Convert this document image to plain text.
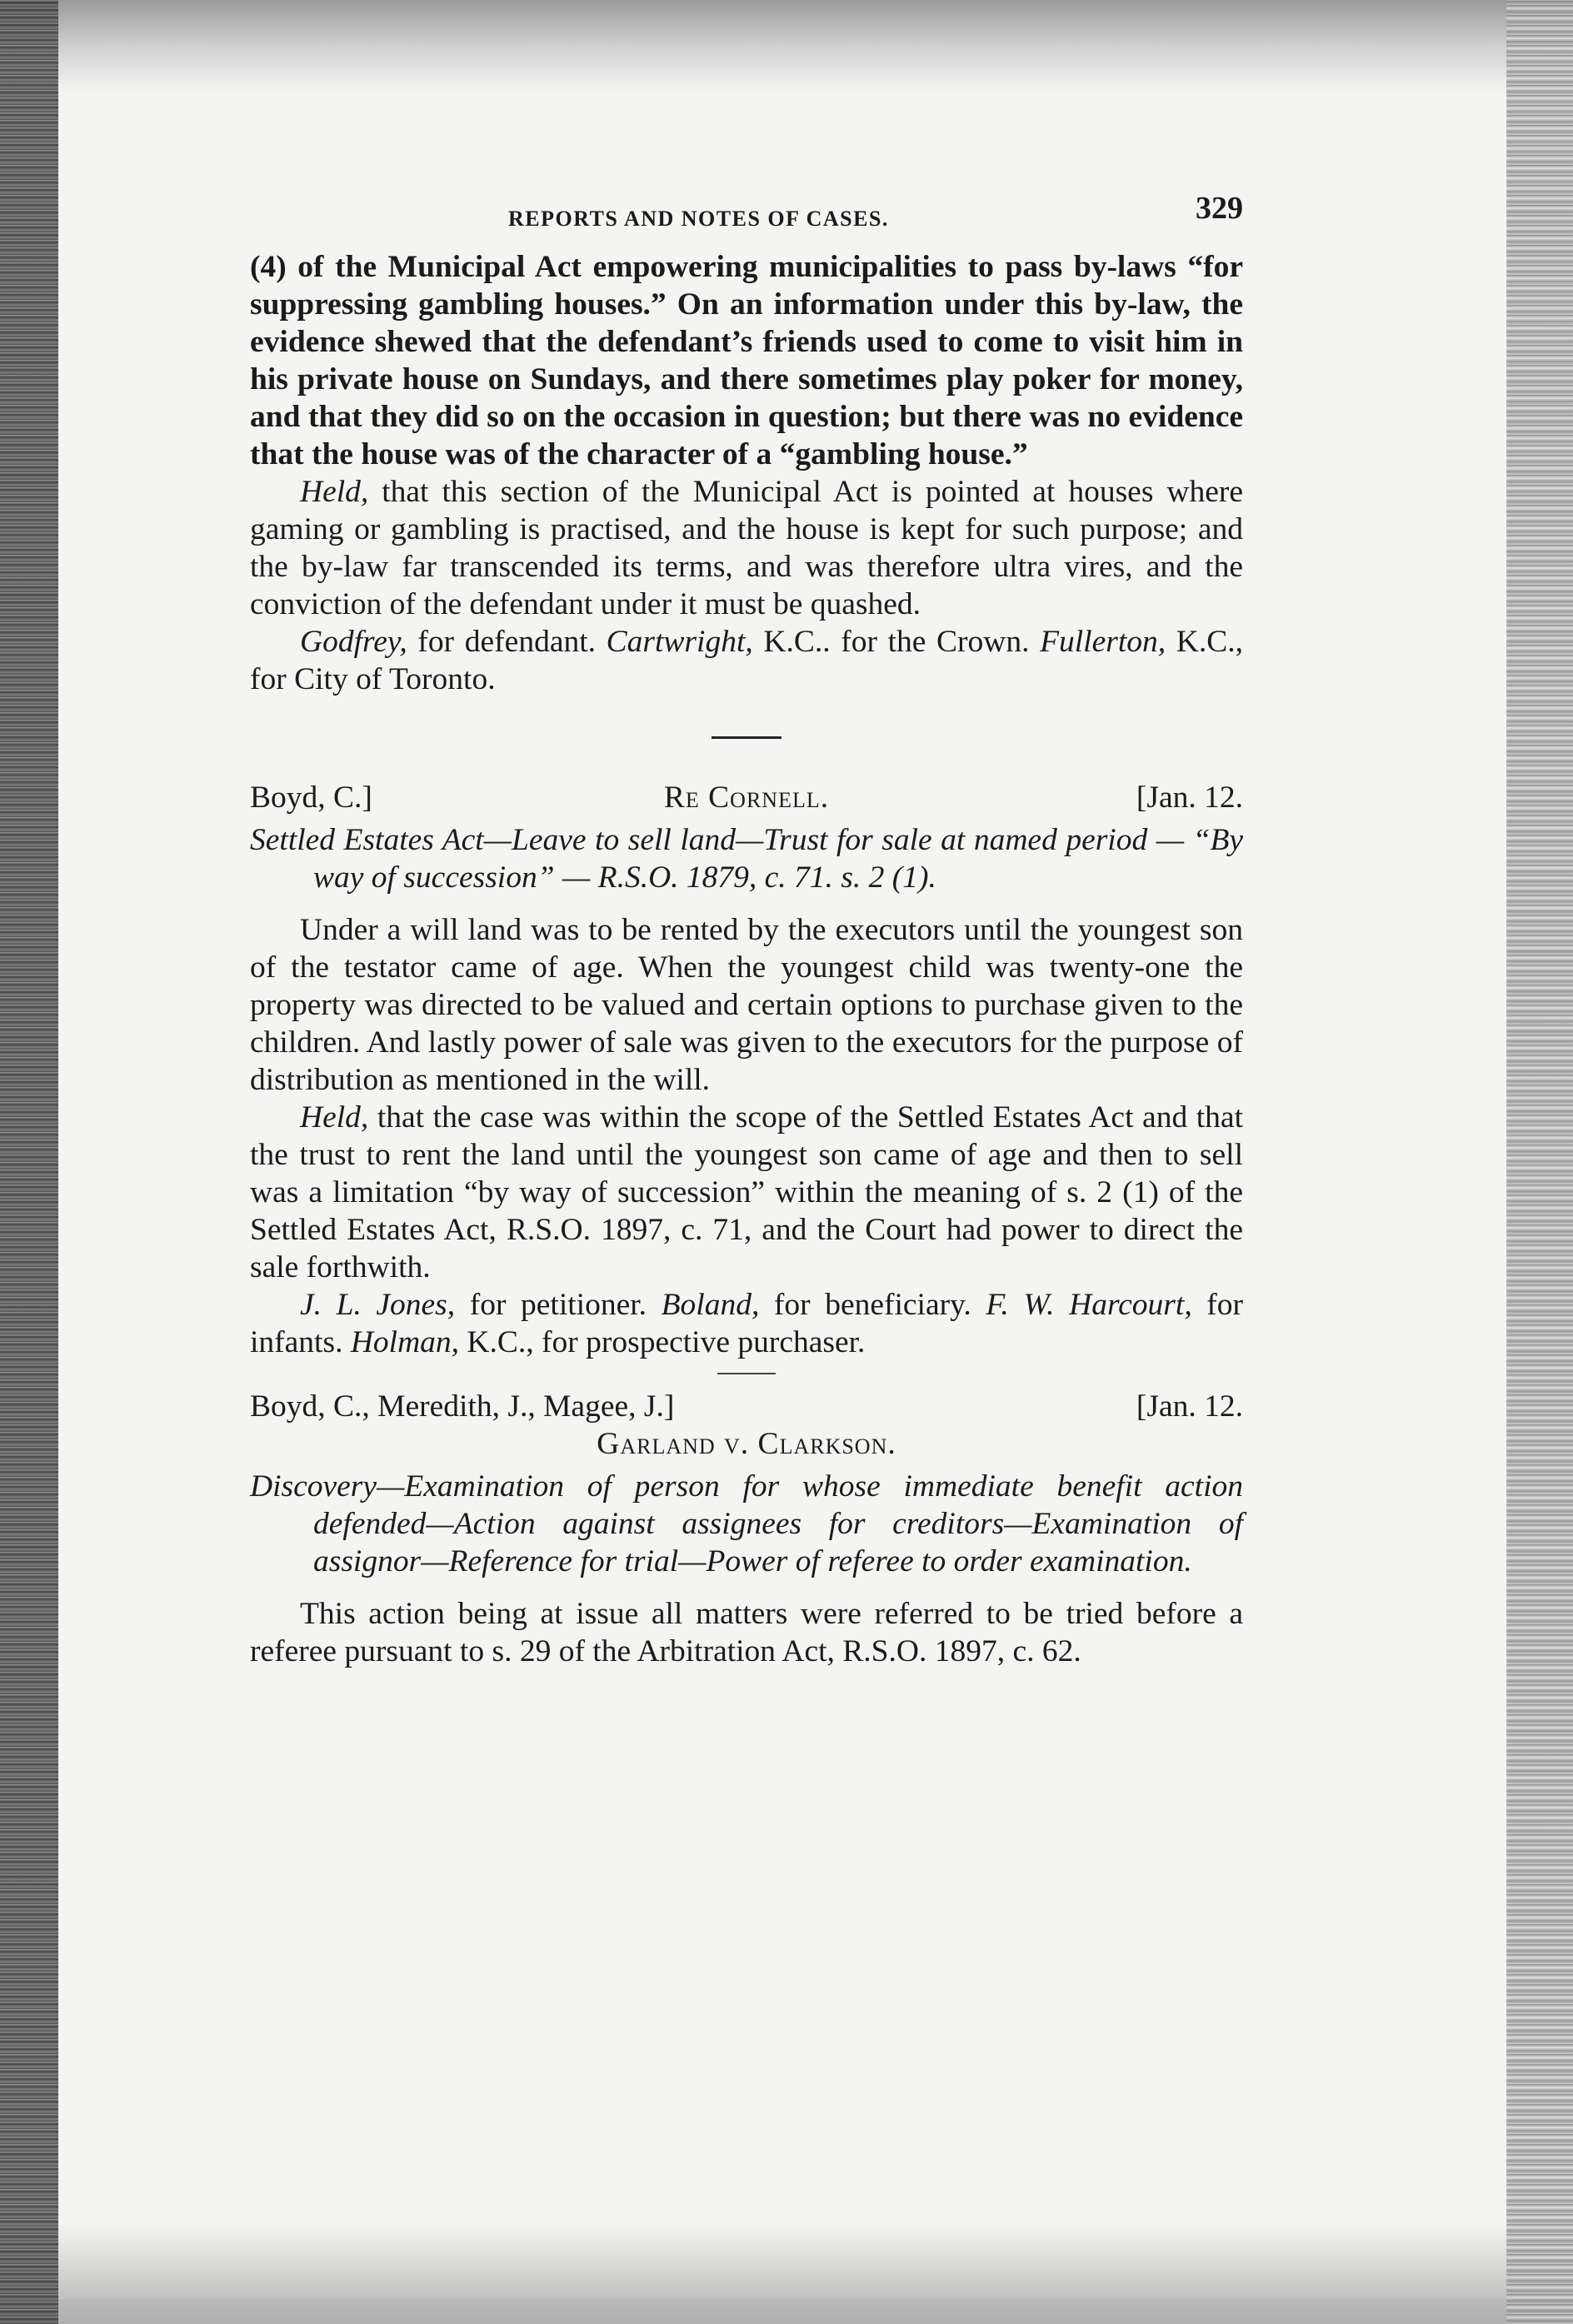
REPORTS AND NOTES OF CASES.	329

(4) of the Municipal Act empowering municipalities to pass by-laws “for suppressing gambling houses.” On an information under this by-law, the evidence shewed that the defendant’s friends used to come to visit him in his private house on Sundays, and there sometimes play poker for money, and that they did so on the occasion in question; but there was no evidence that the house was of the character of a “gambling house.”

Held, that this section of the Municipal Act is pointed at houses where gaming or gambling is practised, and the house is kept for such purpose; and the by-law far transcended its terms, and was therefore ultra vires, and the conviction of the defendant under it must be quashed.

Godfrey, for defendant. Cartwright, K.C.. for the Crown. Fullerton, K.C., for City of Toronto.

Boyd, C.]	Re Cornell.	[Jan. 12.

Settled Estates Act—Leave to sell land—Trust for sale at named period — “By way of succession” — R.S.O. 1879, c. 71. s. 2 (1).

Under a will land was to be rented by the executors until the youngest son of the testator came of age. When the youngest child was twenty-one the property was directed to be valued and certain options to purchase given to the children. And lastly power of sale was given to the executors for the purpose of distribution as mentioned in the will.

Held, that the case was within the scope of the Settled Estates Act and that the trust to rent the land until the youngest son came of age and then to sell was a limitation “by way of succession” within the meaning of s. 2 (1) of the Settled Estates Act, R.S.O. 1897, c. 71, and the Court had power to direct the sale forthwith.

J. L. Jones, for petitioner. Boland, for beneficiary. F. W. Harcourt, for infants. Holman, K.C., for prospective purchaser.

Boyd, C., Meredith, J., Magee, J.]	[Jan. 12.

Garland v. Clarkson.

Discovery—Examination of person for whose immediate benefit action defended—Action against assignees for creditors—Examination of assignor—Reference for trial—Power of referee to order examination.

This action being at issue all matters were referred to be tried before a referee pursuant to s. 29 of the Arbitration Act, R.S.O. 1897, c. 62.
